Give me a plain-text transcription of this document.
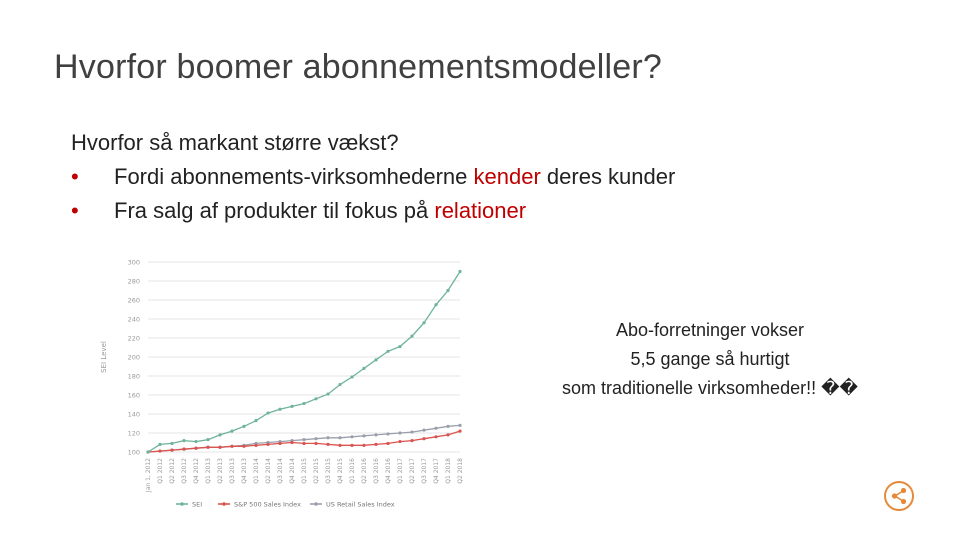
Hvorfor boomer abonnementsmodeller?
Hvorfor så markant større vækst?
•	Fordi abonnements-virksomhederne kender deres kunder
•	Fra salg af produkter til fokus på relationer
100
120
140
160
180
200
220
240
260
280
300
SEI Level
Jan 1, 2012 Q1 2012 Q2 2012 Q3 2012 Q4 2012 Q1 2013 Q2 2013 Q3 2013 Q4 2013 Q1 2014 Q2 2014 Q3 2014 Q4 2014 Q1 2015 Q2 2015 Q3 2015 Q4 2015 Q1 2016 Q2 2016 Q3 2016 Q4 2016 Q1 2017 Q2 2017 Q3 2017 Q4 2017 Q1 2018 Q2 2018
SEI	S&P 500 Sales Index	US Retail Sales Index
Abo-forretninger vokser
5,5 gange så hurtigt
som traditionelle virksomheder!! ��
